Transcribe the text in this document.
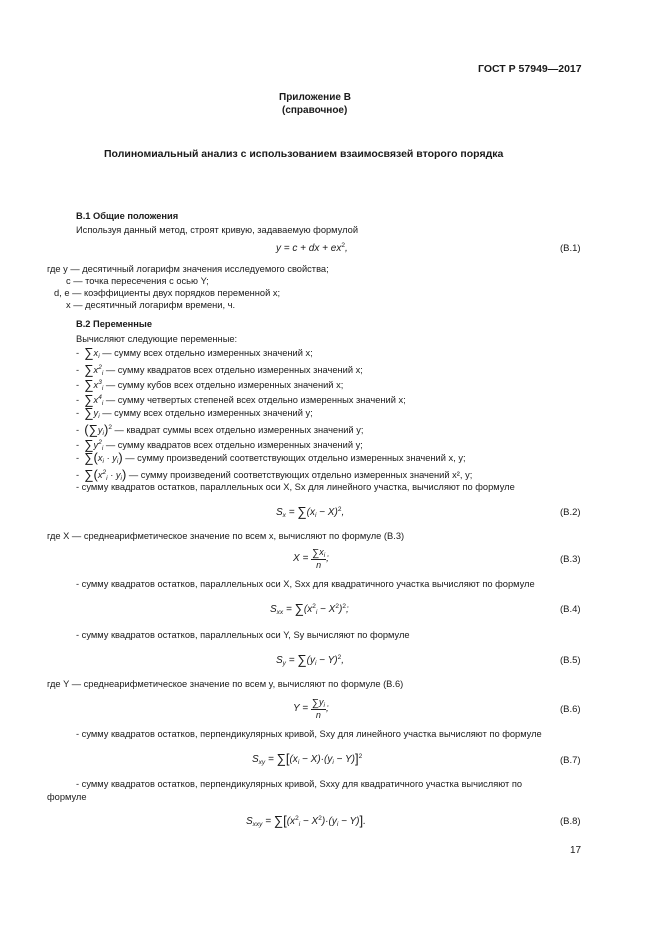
ГОСТ Р 57949—2017
Приложение В
(справочное)
Полиномиальный анализ с использованием взаимосвязей второго порядка
В.1 Общие положения
Используя данный метод, строят кривую, задаваемую формулой
y = c + dx + $ex^2$,	(B.1)
где y — десятичный логарифм значения исследуемого свойства;
c — точка пересечения с осью Y;
d, e — коэффициенты двух порядков переменной x;
x — десятичный логарифм времени, ч.
В.2 Переменные
Вычисляют следующие переменные:
-  $\sum x_i$ — сумму всех отдельно измеренных значений x;
-  $\sum x^2_i$ — сумму квадратов всех отдельно измеренных значений x;
-  $\sum x^3_i$ — сумму кубов всех отдельно измеренных значений x;
-  $\sum x^4_i$ — сумму четвертых степеней всех отдельно измеренных значений x;
-  $\sum y_i$ — сумму всех отдельно измеренных значений y;
-  $(\sum y_i)^2$ — квадрат суммы всех отдельно измеренных значений y;
-  $\sum y^2_i$ — сумму квадратов всех отдельно измеренных значений y;
-  $\sum(x_i \cdot y_i)$ — сумму произведений соответствующих отдельно измеренных значений x, y;
-  $\sum(x^2_i \cdot y_i)$ — сумму произведений соответствующих отдельно измеренных значений x², y;
- сумму квадратов остатков, параллельных оси X, Sx для линейного участка, вычисляют по формуле
$S_x = \sum(x_i - X)^2$,	(B.2)
где X — среднеарифметическое значение по всем x, вычисляют по формуле (В.3)
$X = \frac{\sum x_i}{n}$ ;	(B.3)
- сумму квадратов остатков, параллельных оси X, Sxx для квадратичного участка вычисляют по формуле
$S_{xx} = \sum(x^2_i - X^2)^2$;	(B.4)
- сумму квадратов остатков, параллельных оси Y, Sy вычисляют по формуле
$S_y = \sum(y_i - Y)^2$,	(B.5)
где Y — среднеарифметическое значение по всем y, вычисляют по формуле (В.6)
$Y = \frac{\sum y_i}{n}$ ;	(B.6)
- сумму квадратов остатков, перпендикулярных кривой, Sxy для линейного участка вычисляют по формуле
$S_{xy} = \sum[(x_i - X)\cdot(y_i - Y)]^2$	(B.7)
- сумму квадратов остатков, перпендикулярных кривой, Sxxy для квадратичного участка вычисляют по
формуле
$S_{xxy} = \sum[(x^2_i - X^2)\cdot(y_i - Y)]$.	(B.8)
17
